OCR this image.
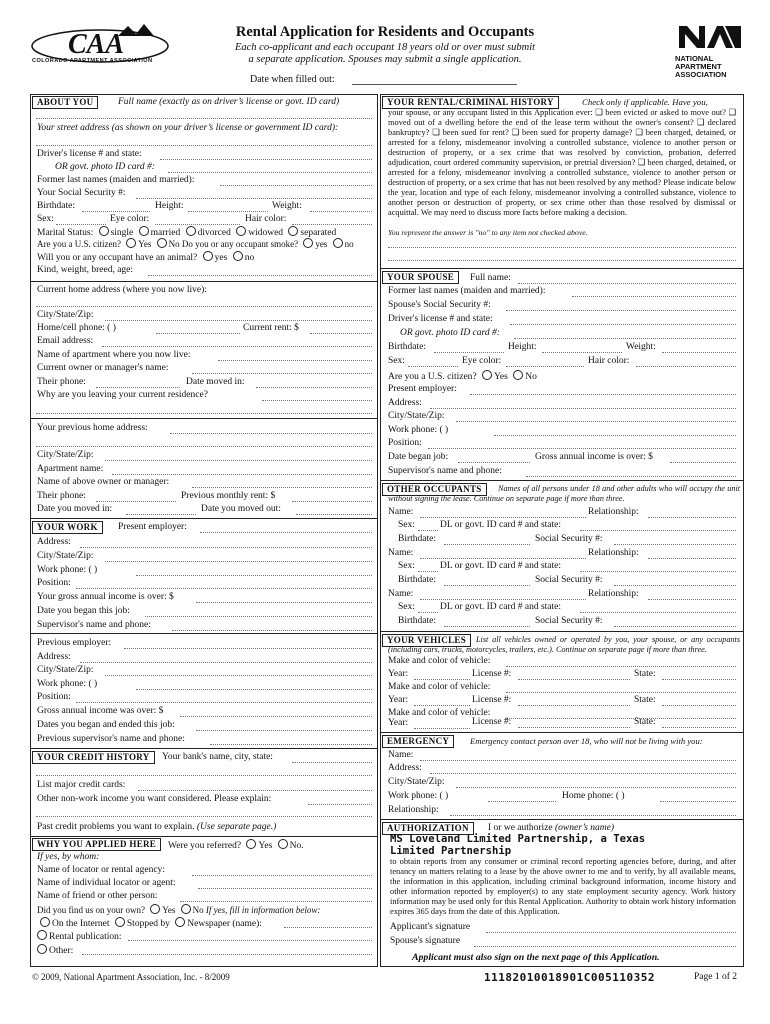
CAA
COLORADO APARTMENT ASSOCIATION
Rental Application for Residents and Occupants
Each co-applicant and each occupant 18 years old or over must submit
a separate application. Spouses may submit a single application.
Date when filled out:
NATIONAL
APARTMENT
ASSOCIATION
ABOUT YOU	Full name (exactly as on driver’s license or govt. ID card)
Your street address (as shown on your driver’s license or government ID card):
Driver's license # and state:
OR govt. photo ID card #:
Former last names (maiden and married):
Your Social Security #:
Birthdate:	Height:	Weight:
Sex:	Eye color:	Hair color:
Marital Status: single married divorced widowed separated
Are you a U.S. citizen? Yes No Do you or any occupant smoke? yes no
Will you or any occupant have an animal? yes no
Kind, weight, breed, age:
Current home address (where you now live):
City/State/Zip:
Home/cell phone: ( )	Current rent: $
Email address:
Name of apartment where you now live:
Current owner or manager's name:
Their phone:	Date moved in:
Why are you leaving your current residence?
Your previous home address:
City/State/Zip:
Apartment name:
Name of above owner or manager:
Their phone:	Previous monthly rent: $
Date you moved in:	Date you moved out:
YOUR WORK	Present employer:
Address:
City/State/Zip:
Work phone: ( )
Position:
Your gross annual income is over: $
Date you began this job:
Supervisor's name and phone:
Previous employer:
Address:
City/State/Zip:
Work phone: ( )
Position:
Gross annual income was over: $
Dates you began and ended this job:
Previous supervisor's name and phone:
YOUR CREDIT HISTORY	Your bank's name, city, state:
List major credit cards:
Other non-work income you want considered. Please explain:
Past credit problems you want to explain. (Use separate page.)
WHY YOU APPLIED HERE	Were you referred? Yes No.
If yes, by whom:
Name of locator or rental agency:
Name of individual locator or agent:
Name of friend or other person:
Did you find us on your own? Yes No If yes, fill in information below:
On the Internet Stopped by Newspaper (name):
Rental publication:
Other:
YOUR RENTAL/CRIMINAL HISTORY	Check only if applicable. Have you,
your spouse, or any occupant listed in this Application ever: ❑ been evicted or asked to move out? ❑ moved out of a dwelling before the end of the lease term without the owner's consent? ❑ declared bankruptcy? ❑ been sued for rent? ❑ been sued for property damage? ❑ been charged, detained, or arrested for a felony, misdemeanor involving a controlled substance, violence to another person or destruction of property, or a sex crime that was resolved by conviction, probation, deferred adjudication, court ordered community supervision, or pretrial diversion? ❑ been charged, detained, or arrested for a felony, misdemeanor involving a controlled substance, violence to another person or destruction of property, or a sex crime that has not been resolved by any method? Please indicate below the year, location and type of each felony, misdemeanor involving a controlled substance, violence to another person or destruction of property, or sex crime other than those resolved by dismissal or acquittal. We may need to discuss more facts before making a decision.
You represent the answer is "no" to any item not checked above.
YOUR SPOUSE	Full name:
Former last names (maiden and married):
Spouse's Social Security #:
Driver's license # and state:
OR govt. photo ID card #:
Birthdate:	Height:	Weight:
Sex:	Eye color:	Hair color:
Are you a U.S. citizen? Yes No
Present employer:
Address:
City/State/Zip:
Work phone: ( )
Position:
Date began job:	Gross annual income is over: $
Supervisor's name and phone:
OTHER OCCUPANTS	Names of all persons under 18 and other adults who will occupy the unit without signing the lease. Continue on separate page if more than three.
Name:	Relationship:
Sex:	DL or govt. ID card # and state:
Birthdate:	Social Security #:
Name:	Relationship:
Sex:	DL or govt. ID card # and state:
Birthdate:	Social Security #:
Name:	Relationship:
Sex:	DL or govt. ID card # and state:
Birthdate:	Social Security #:
YOUR VEHICLES	List all vehicles owned or operated by you, your spouse, or any occupants (including cars, trucks, motorcycles, trailers, etc.). Continue on separate page if more than three.
Make and color of vehicle:
Year:	License #:	State:
Make and color of vehicle:
Year:	License #:	State:
Make and color of vehicle:
Year:	License #:	State:
EMERGENCY	Emergency contact person over 18, who will not be living with you:
Name:
Address:
City/State/Zip:
Work phone: ( )	Home phone: ( )
Relationship:
AUTHORIZATION	I or we authorize (owner’s name)
MS Loveland Limited Partnership, a Texas
Limited Partnership
to obtain reports from any consumer or criminal record reporting agencies before, during, and after tenancy on matters relating to a lease by the above owner to me and to verify, by all available means, the information in this application, including criminal background information, income history and other information reported by employer(s) to any state employment security agency. Work history information may be used only for this Rental Application. Authority to obtain work history information expires 365 days from the date of this Application.
Applicant's signature
Spouse's signature
Applicant must also sign on the next page of this Application.
© 2009, National Apartment Association, Inc. - 8/2009	11182010018901C005110352	Page 1 of 2
